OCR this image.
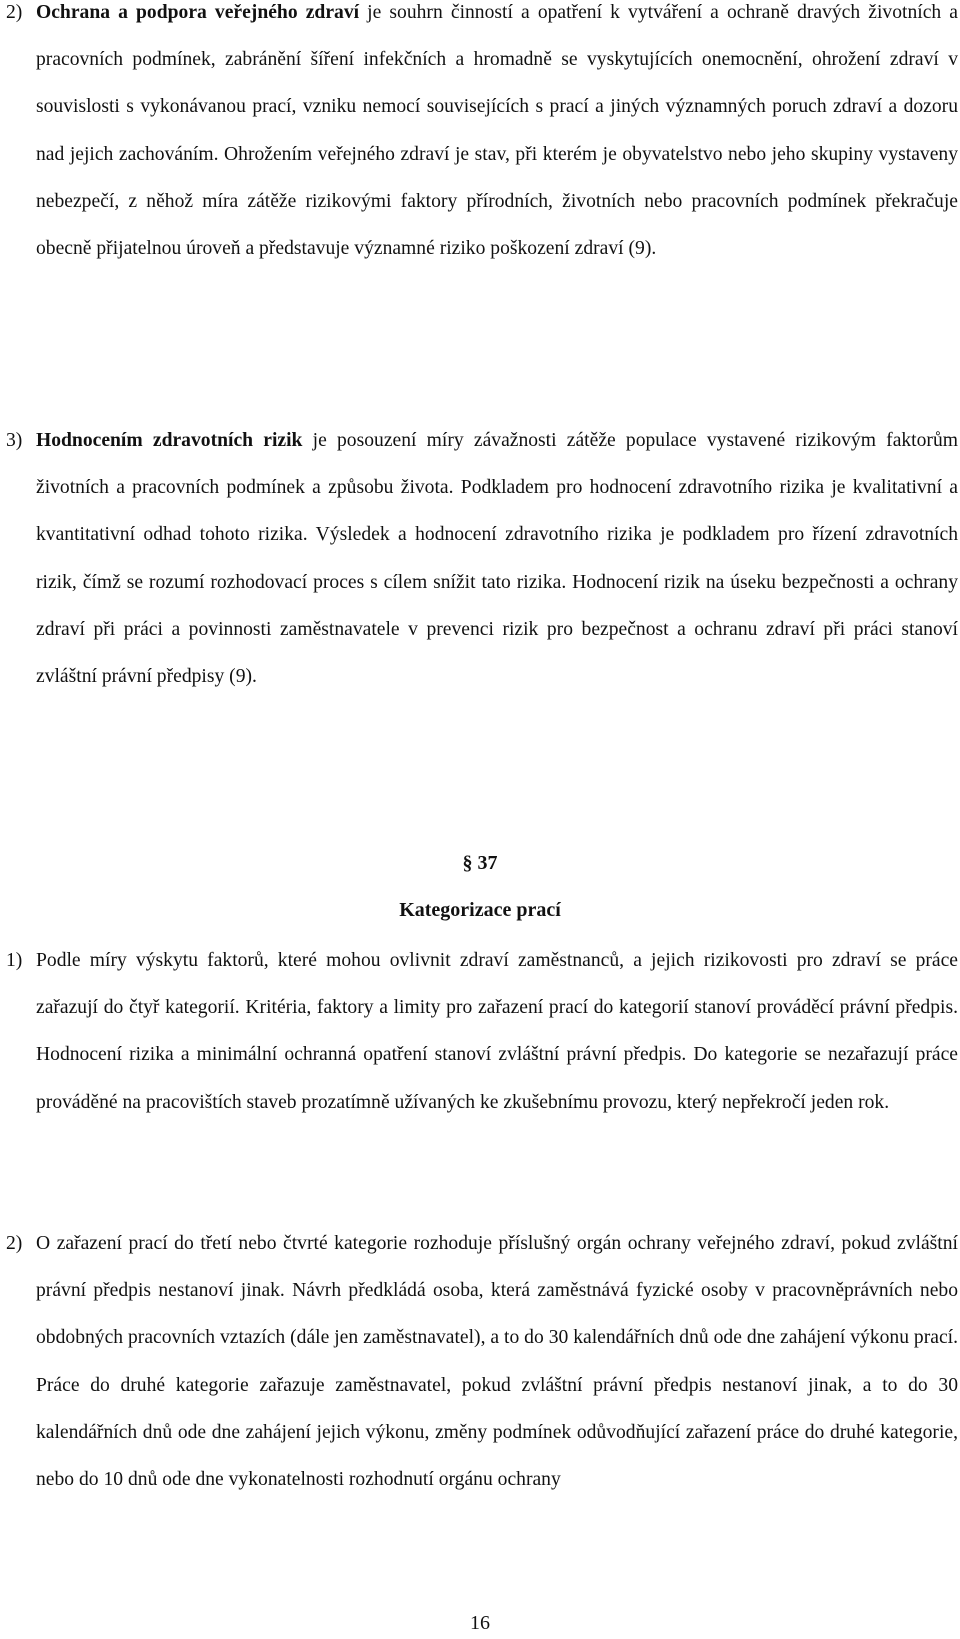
2) Ochrana a podpora veřejného zdraví je souhrn činností a opatření k vytváření a ochraně dravých životních a pracovních podmínek, zabránění šíření infekčních a hromadně se vyskytujících onemocnění, ohrožení zdraví v souvislosti s vykonávanou prací, vzniku nemocí souvisejících s prací a jiných významných poruch zdraví a dozoru nad jejich zachováním. Ohrožením veřejného zdraví je stav, při kterém je obyvatelstvo nebo jeho skupiny vystaveny nebezpečí, z něhož míra zátěže rizikovými faktory přírodních, životních nebo pracovních podmínek překračuje obecně přijatelnou úroveň a představuje významné riziko poškození zdraví (9).
3) Hodnocením zdravotních rizik je posouzení míry závažnosti zátěže populace vystavené rizikovým faktorům životních a pracovních podmínek a způsobu života. Podkladem pro hodnocení zdravotního rizika je kvalitativní a kvantitativní odhad tohoto rizika. Výsledek a hodnocení zdravotního rizika je podkladem pro řízení zdravotních rizik, čímž se rozumí rozhodovací proces s cílem snížit tato rizika. Hodnocení rizik na úseku bezpečnosti a ochrany zdraví při práci a povinnosti zaměstnavatele v prevenci rizik pro bezpečnost a ochranu zdraví při práci stanoví zvláštní právní předpisy (9).
§ 37
Kategorizace prací
1) Podle míry výskytu faktorů, které mohou ovlivnit zdraví zaměstnanců, a jejich rizikovosti pro zdraví se práce zařazují do čtyř kategorií. Kritéria, faktory a limity pro zařazení prací do kategorií stanoví prováděcí právní předpis. Hodnocení rizika a minimální ochranná opatření stanoví zvláštní právní předpis. Do kategorie se nezařazují práce prováděné na pracovištích staveb prozatímně užívaných ke zkušebnímu provozu, který nepřekročí jeden rok.
2) O zařazení prací do třetí nebo čtvrté kategorie rozhoduje příslušný orgán ochrany veřejného zdraví, pokud zvláštní právní předpis nestanoví jinak. Návrh předkládá osoba, která zaměstnává fyzické osoby v pracovněprávních nebo obdobných pracovních vztazích (dále jen zaměstnavatel), a to do 30 kalendářních dnů ode dne zahájení výkonu prací. Práce do druhé kategorie zařazuje zaměstnavatel, pokud zvláštní právní předpis nestanoví jinak, a to do 30 kalendářních dnů ode dne zahájení jejich výkonu, změny podmínek odůvodňující zařazení práce do druhé kategorie, nebo do 10 dnů ode dne vykonatelnosti rozhodnutí orgánu ochrany
16
